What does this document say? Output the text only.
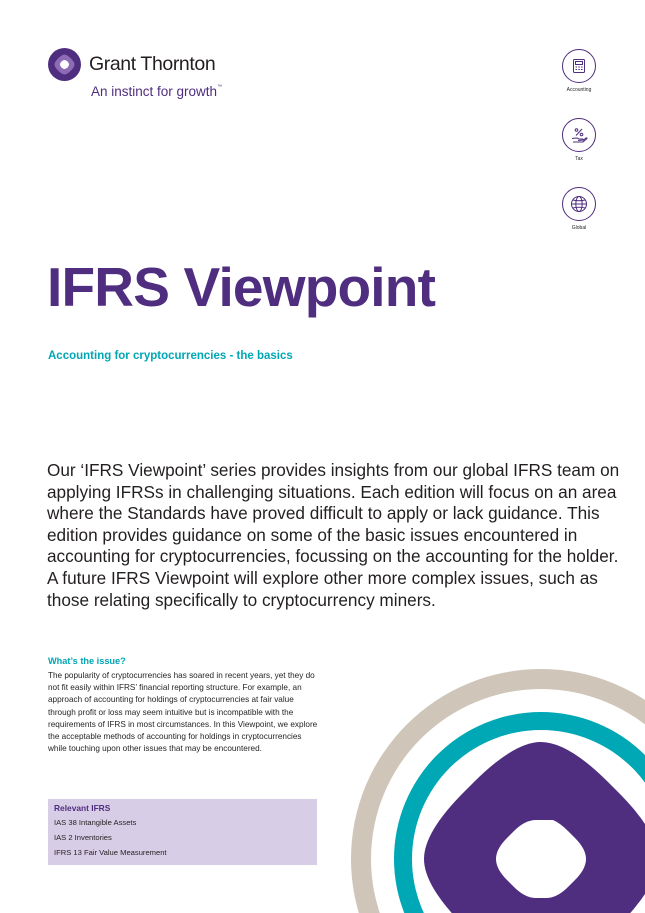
Grant Thornton
An instinct for growth™	Accounting
Tax
Global
IFRS Viewpoint
Accounting for cryptocurrencies - the basics

Our ‘IFRS Viewpoint’ series provides insights from our global IFRS team on applying IFRSs in challenging situations. Each edition will focus on an area where the Standards have proved difficult to apply or lack guidance. This edition provides guidance on some of the basic issues encountered in accounting for cryptocurrencies, focussing on the accounting for the holder. A future IFRS Viewpoint will explore other more complex issues, such as those relating specifically to cryptocurrency miners.

What’s the issue?

The popularity of cryptocurrencies has soared in recent years, yet they do not fit easily within IFRS’ financial reporting structure. For example, an approach of accounting for holdings of cryptocurrencies at fair value through profit or loss may seem intuitive but is incompatible with the requirements of IFRS in most circumstances. In this Viewpoint, we explore the acceptable methods of accounting for holdings in cryptocurrencies while touching upon other issues that may be encountered.

Relevant IFRS
IAS 38 Intangible Assets
IAS 2 Inventories
IFRS 13 Fair Value Measurement
